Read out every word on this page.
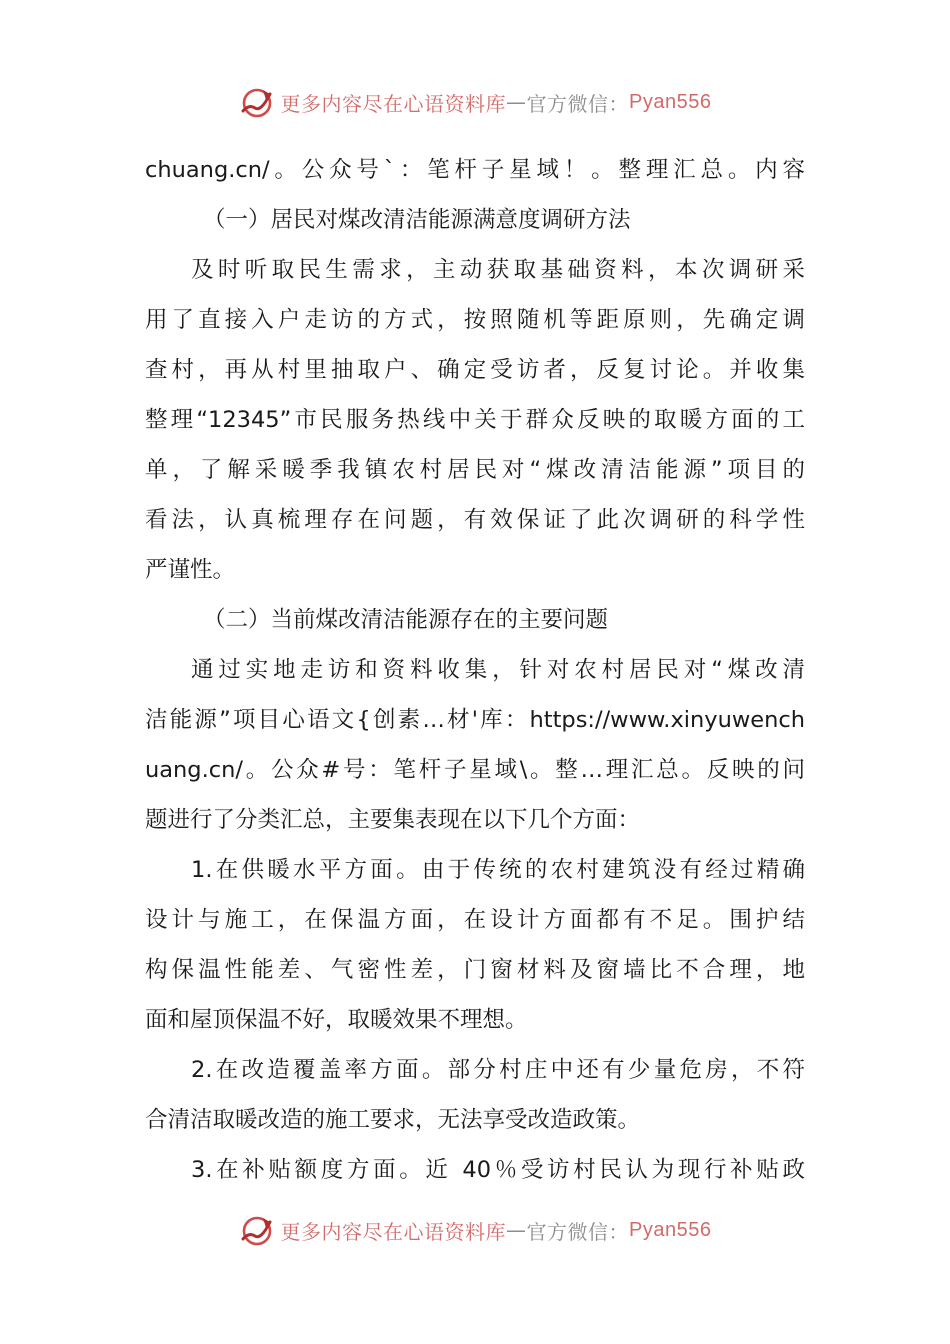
更多内容尽在心语资料库 — 官方微信： Pyan556
chuang.cn/。公众号`：笔杆子星域！。整理汇总。内容
（一）居民对煤改清洁能源满意度调研方法
及时听取民生需求，主动获取基础资料，本次调研采
用了直接入户走访的方式，按照随机等距原则，先确定调
查村，再从村里抽取户、确定受访者，反复讨论。并收集
整理“12345”市民服务热线中关于群众反映的取暖方面的工
单，了解采暖季我镇农村居民对“煤改清洁能源”项目的
看法，认真梳理存在问题，有效保证了此次调研的科学性
严谨性。
（二）当前煤改清洁能源存在的主要问题
通过实地走访和资料收集，针对农村居民对“煤改清
洁能源”项目心语文{创素…材'库：https://www.xinyuwench
uang.cn/。公众#号：笔杆子星域\。整…理汇总。反映的问
题进行了分类汇总，主要集表现在以下几个方面：
1.在供暖水平方面。由于传统的农村建筑没有经过精确
设计与施工，在保温方面，在设计方面都有不足。围护结
构保温性能差、气密性差，门窗材料及窗墙比不合理，地
面和屋顶保温不好，取暖效果不理想。
2.在改造覆盖率方面。部分村庄中还有少量危房，不符
合清洁取暖改造的施工要求，无法享受改造政策。
3.在补贴额度方面。近 40％受访村民认为现行补贴政
更多内容尽在心语资料库 — 官方微信： Pyan556
